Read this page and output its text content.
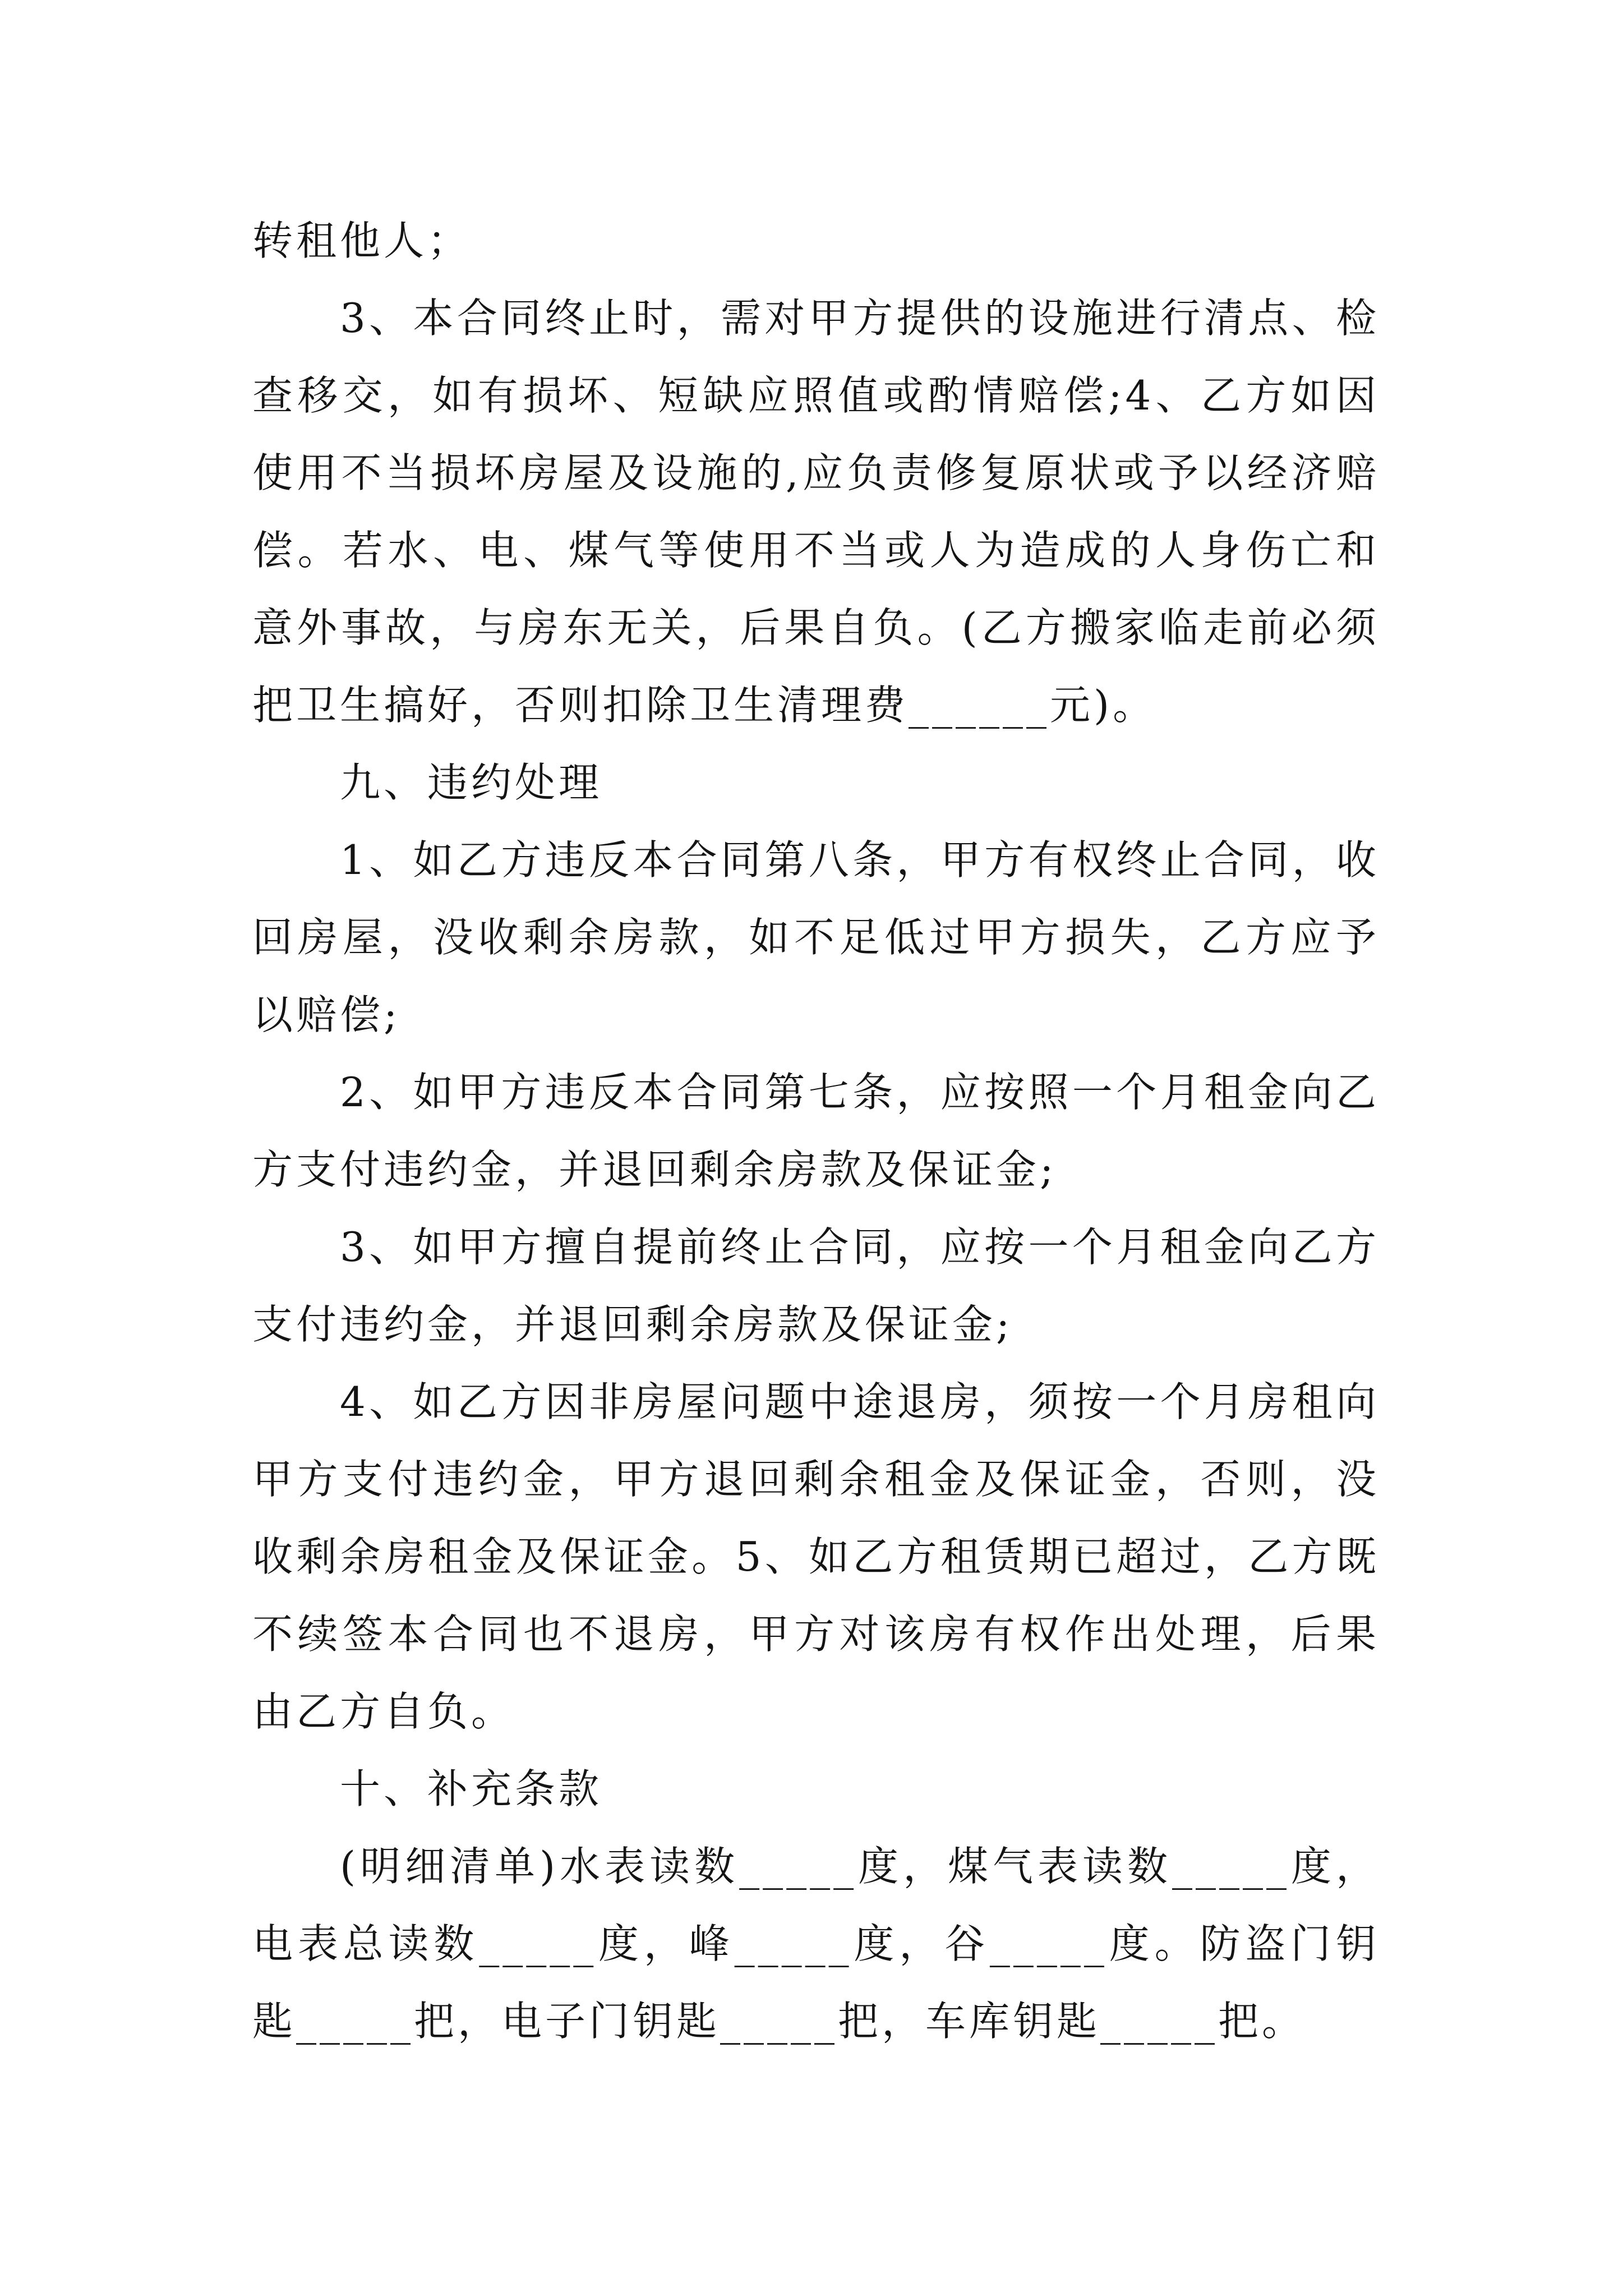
转租他人；

3、本合同终止时，需对甲方提供的设施进行清点、检查移交，如有损坏、短缺应照值或酌情赔偿;4、乙方如因使用不当损坏房屋及设施的,应负责修复原状或予以经济赔偿。若水、电、煤气等使用不当或人为造成的人身伤亡和意外事故，与房东无关，后果自负。(乙方搬家临走前必须把卫生搞好，否则扣除卫生清理费______元)。

九、违约处理

1、如乙方违反本合同第八条，甲方有权终止合同，收回房屋，没收剩余房款，如不足低过甲方损失，乙方应予以赔偿;

2、如甲方违反本合同第七条，应按照一个月租金向乙方支付违约金，并退回剩余房款及保证金;

3、如甲方擅自提前终止合同，应按一个月租金向乙方支付违约金，并退回剩余房款及保证金;

4、如乙方因非房屋问题中途退房，须按一个月房租向甲方支付违约金，甲方退回剩余租金及保证金，否则，没收剩余房租金及保证金。5、如乙方租赁期已超过，乙方既不续签本合同也不退房，甲方对该房有权作出处理，后果由乙方自负。

十、补充条款

(明细清单)水表读数_____度，煤气表读数_____度，电表总读数_____度，峰_____度，谷_____度。防盗门钥匙_____把，电子门钥匙_____把，车库钥匙_____把。
